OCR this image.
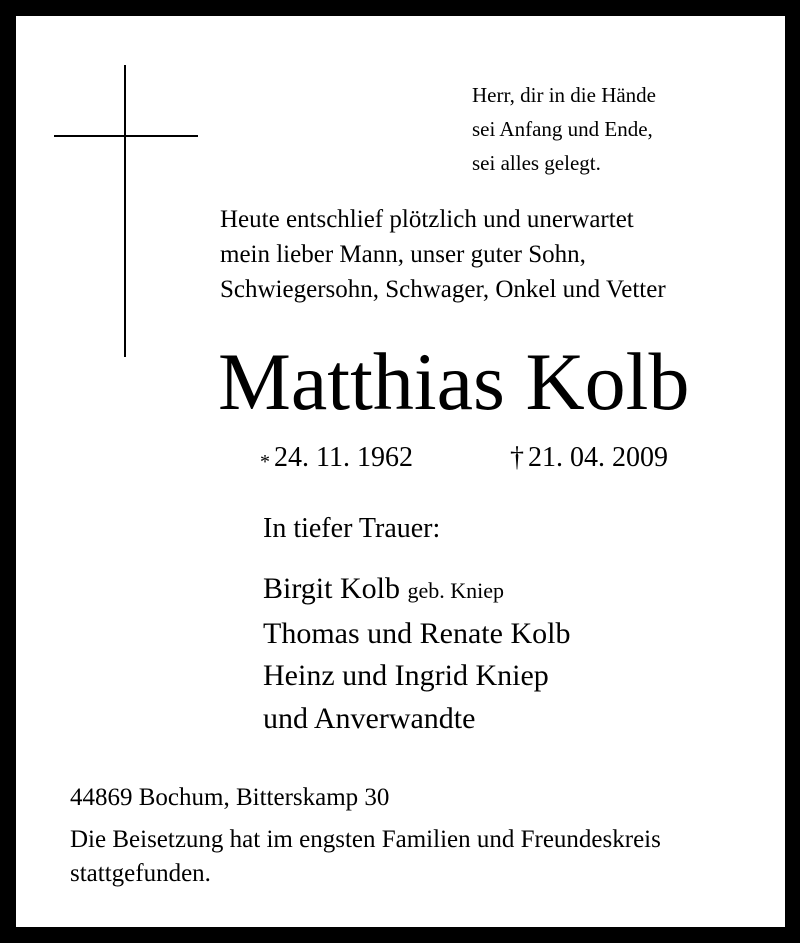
Herr, dir in die Hände
sei Anfang und Ende,
sei alles gelegt.
Heute entschlief plötzlich und unerwartet
mein lieber Mann, unser guter Sohn,
Schwiegersohn, Schwager, Onkel und Vetter
Matthias Kolb
* 24. 11. 1962	† 21. 04. 2009
In tiefer Trauer:
Birgit Kolb geb. Kniep
Thomas und Renate Kolb
Heinz und Ingrid Kniep
und Anverwandte
44869 Bochum, Bitterskamp 30
Die Beisetzung hat im engsten Familien und Freundeskreis stattgefunden.
